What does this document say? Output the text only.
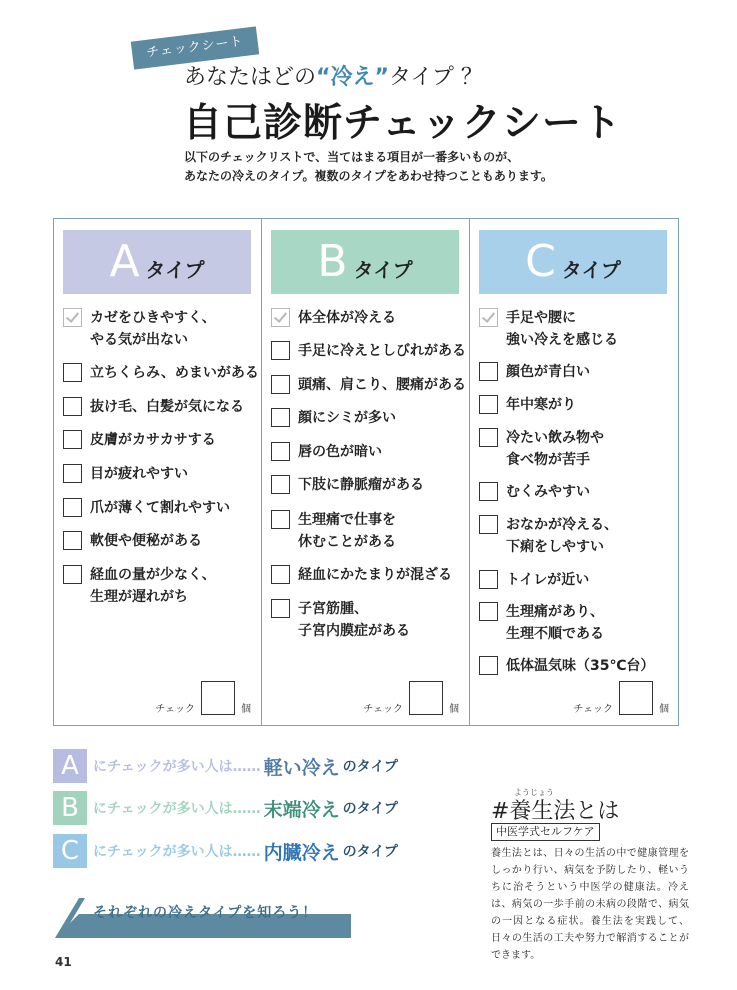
チェックシート
あなたはどの“冷え”タイプ ？
自己診断チェックシート
以下のチェックリストで、当てはまる項目が一番多いものが、
あなたの冷えのタイプ。複数のタイプをあわせ持つこともあります。
A タイプ
カゼをひきやすく、
やる気が出ない
立ちくらみ、めまいがある
抜け毛、白髪が気になる
皮膚がカサカサする
目が疲れやすい
爪が薄くて割れやすい
軟便や便秘がある
経血の量が少なく、
生理が遅れがち
チェック	個
B タイプ
体全体が冷える
手足に冷えとしびれがある
頭痛、肩こり、腰痛がある
顔にシミが多い
唇の色が暗い
下肢に静脈瘤がある
生理痛で仕事を
休むことがある
経血にかたまりが混ざる
子宮筋腫、
子宮内膜症がある
チェック	個
C タイプ
手足や腰に
強い冷えを感じる
顔色が青白い
年中寒がり
冷たい飲み物や
食べ物が苦手
むくみやすい
おなかが冷える、
下痢をしやすい
トイレが近い
生理痛があり、
生理不順である
低体温気味（35℃台）
チェック	個
A	にチェックが多い人は…… 軽い冷え のタイプ
B	にチェックが多い人は…… 末端冷え のタイプ
C にチェックが多い人は…… 内臓冷え のタイプ
それぞれの冷えタイプを知ろう！
ようじょう
#養生法とは
中医学式セルフケア
養生法とは、日々の生活の中で健康管理をしっかり行い、病気を予防したり、軽いうちに治そうという中医学の健康法。冷えは、病気の一歩手前の未病の段階で、病気の一因となる症状。養生法を実践して、日々の生活の工夫や努力で解消することができます。
41
